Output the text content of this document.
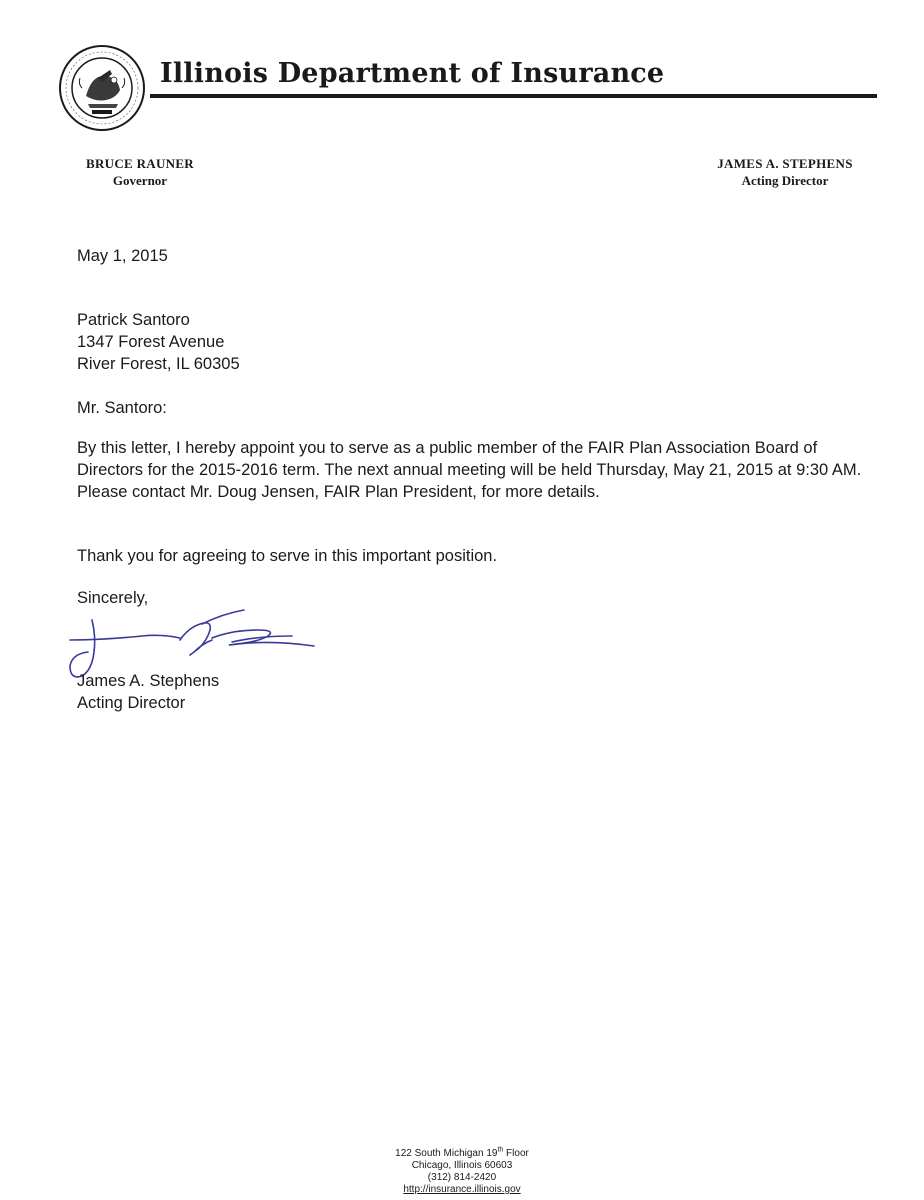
Illinois Department of Insurance
BRUCE RAUNER
Governor
JAMES A. STEPHENS
Acting Director
May 1, 2015
Patrick Santoro
1347 Forest Avenue
River Forest, IL 60305
Mr. Santoro:
By this letter, I hereby appoint you to serve as a public member of the FAIR Plan Association Board of Directors for the 2015-2016 term. The next annual meeting will be held Thursday, May 21, 2015 at 9:30 AM. Please contact Mr. Doug Jensen, FAIR Plan President, for more details.
Thank you for agreeing to serve in this important position.
Sincerely,
James A. Stephens
Acting Director
122 South Michigan 19th Floor
Chicago, Illinois 60603
(312) 814-2420
http://insurance.illinois.gov
